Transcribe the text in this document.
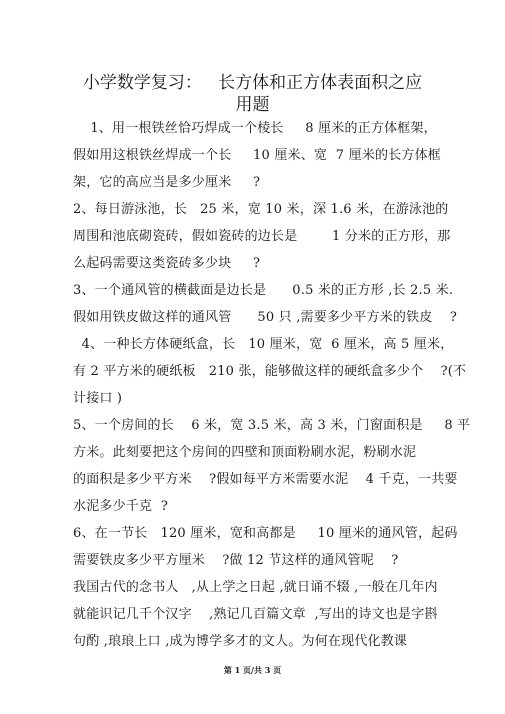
小学数学复习：   长方体和正方体表面积之应
用题
1、用一根铁丝恰巧焊成一个棱长     8 厘米的正方体框架，
假如用这根铁丝焊成一个长     10 厘米、宽  7 厘米的长方体框
架，它的高应当是多少厘米     ?
2、每日游泳池，长   25 米，宽 10 米，深 1.6 米，在游泳池的
周围和池底砌瓷砖，假如瓷砖的边长是        1 分米的正方形，那
么起码需要这类瓷砖多少块     ?
3、一个通风管的横截面是边长是      0.5 米的正方形 ,长 2.5 米.
假如用铁皮做这样的通风管      50 只 ,需要多少平方米的铁皮    ?
4、一种长方体硬纸盒，长   10 厘米，宽  6 厘米，高 5 厘米，
有 2 平方米的硬纸板   210 张，能够做这样的硬纸盒多少个    ?(不
计接口 )
5、一个房间的长    6 米，宽 3.5 米，高 3 米，门窗面积是     8 平
方米。此刻要把这个房间的四壁和顶面粉刷水泥，粉刷水泥
的面积是多少平方米    ?假如每平方米需要水泥    4 千克，一共要
水泥多少千克  ?
6、在一节长   120 厘米，宽和高都是     10 厘米的通风管，起码
需要铁皮多少平方厘米    ?做 12 节这样的通风管呢    ?
我国古代的念书人   ,从上学之日起 ,就日诵不辍 ,一般在几年内
就能识记几千个汉字    ,熟记几百篇文章  ,写出的诗文也是字斟
句酌 ,琅琅上口 ,成为博学多才的文人。为何在现代化教课
第 1 页/共 3 页
